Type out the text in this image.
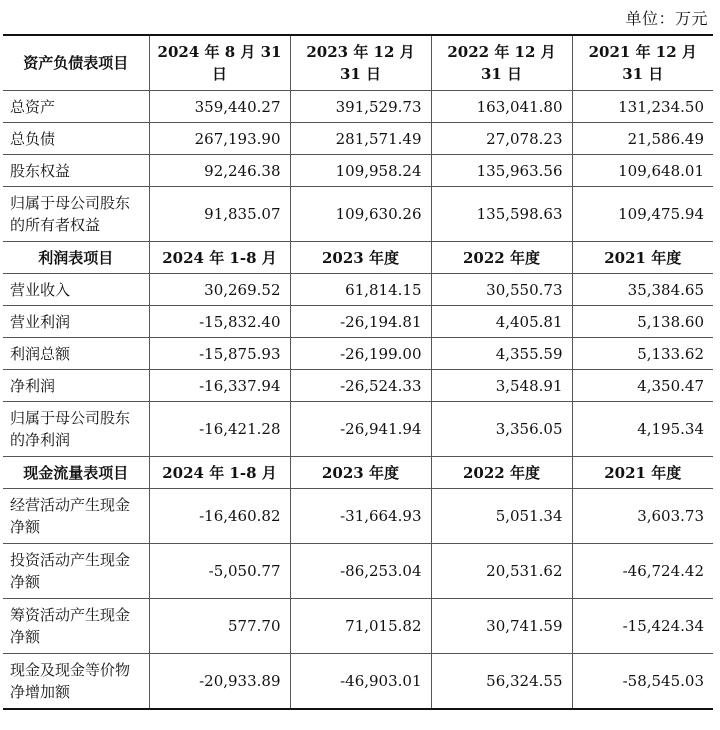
单位：万元
资产负债表项目	2024 年 8 月 31 日	2023 年 12 月 31 日	2022 年 12 月 31 日	2021 年 12 月 31 日
总资产	359,440.27	391,529.73	163,041.80	131,234.50
总负债	267,193.90	281,571.49	27,078.23	21,586.49
股东权益	92,246.38	109,958.24	135,963.56	109,648.01
归属于母公司股东的所有者权益	91,835.07	109,630.26	135,598.63	109,475.94
利润表项目	2024 年 1-8 月	2023 年度	2022 年度	2021 年度
营业收入	30,269.52	61,814.15	30,550.73	35,384.65
营业利润	-15,832.40	-26,194.81	4,405.81	5,138.60
利润总额	-15,875.93	-26,199.00	4,355.59	5,133.62
净利润	-16,337.94	-26,524.33	3,548.91	4,350.47
归属于母公司股东的净利润	-16,421.28	-26,941.94	3,356.05	4,195.34
现金流量表项目	2024 年 1-8 月	2023 年度	2022 年度	2021 年度
经营活动产生现金净额	-16,460.82	-31,664.93	5,051.34	3,603.73
投资活动产生现金净额	-5,050.77	-86,253.04	20,531.62	-46,724.42
筹资活动产生现金净额	577.70	71,015.82	30,741.59	-15,424.34
现金及现金等价物净增加额	-20,933.89	-46,903.01	56,324.55	-58,545.03
